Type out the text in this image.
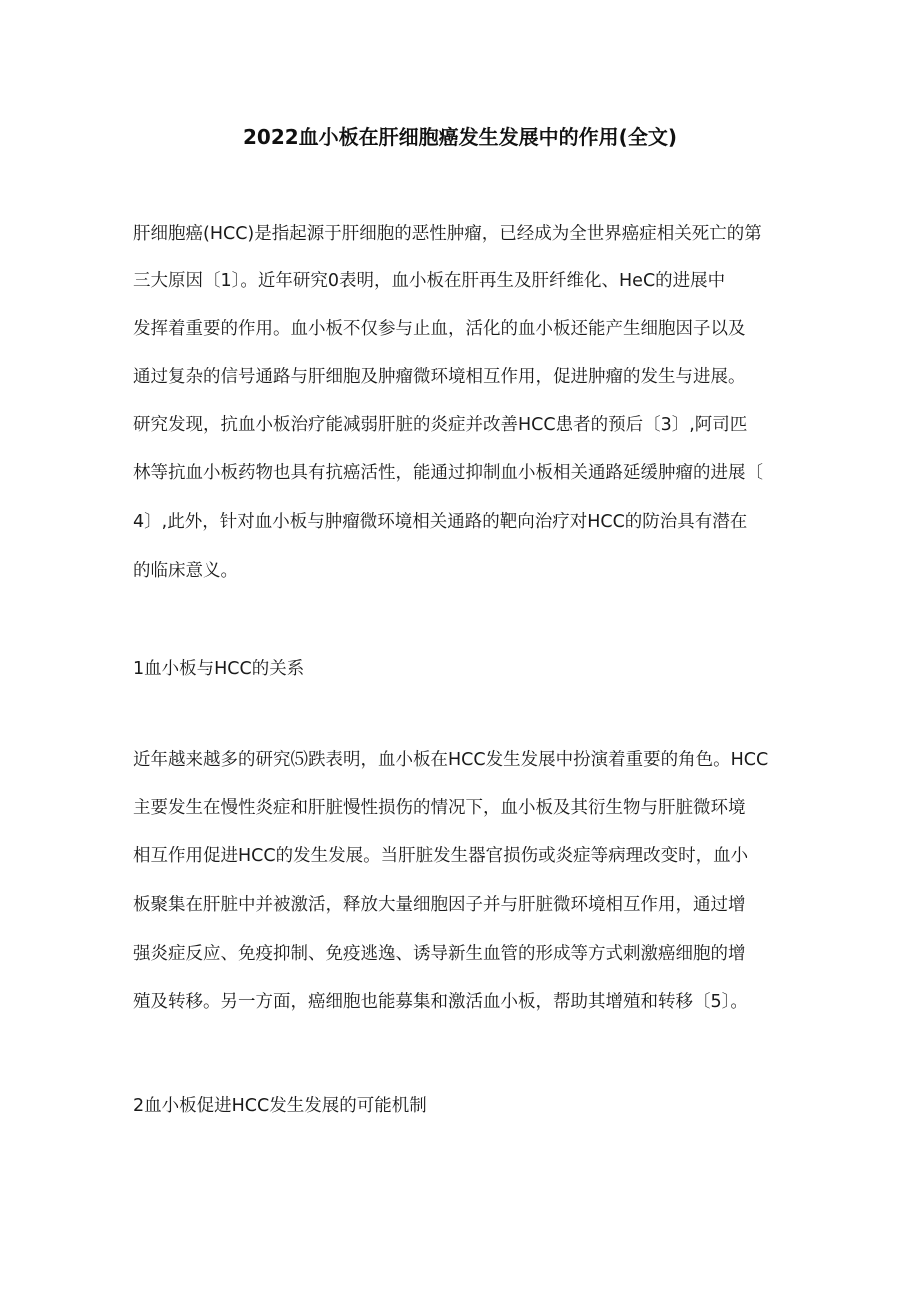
2022血小板在肝细胞癌发生发展中的作用(全文)
肝细胞癌(HCC)是指起源于肝细胞的恶性肿瘤，已经成为全世界癌症相关死亡的第
三大原因〔1〕。近年研究0表明，血小板在肝再生及肝纤维化、HeC的进展中
发挥着重要的作用。血小板不仅参与止血，活化的血小板还能产生细胞因子以及
通过复杂的信号通路与肝细胞及肿瘤微环境相互作用，促进肿瘤的发生与进展。
研究发现，抗血小板治疗能减弱肝脏的炎症并改善HCC患者的预后〔3〕,阿司匹
林等抗血小板药物也具有抗癌活性，能通过抑制血小板相关通路延缓肿瘤的进展〔
4〕,此外，针对血小板与肿瘤微环境相关通路的靶向治疗对HCC的防治具有潜在
的临床意义。
1血小板与HCC的关系
近年越来越多的研究⑸跌表明，血小板在HCC发生发展中扮演着重要的角色。HCC
主要发生在慢性炎症和肝脏慢性损伤的情况下，血小板及其衍生物与肝脏微环境
相互作用促进HCC的发生发展。当肝脏发生器官损伤或炎症等病理改变时，血小
板聚集在肝脏中并被激活，释放大量细胞因子并与肝脏微环境相互作用，通过增
强炎症反应、免疫抑制、免疫逃逸、诱导新生血管的形成等方式刺激癌细胞的增
殖及转移。另一方面，癌细胞也能募集和激活血小板，帮助其增殖和转移〔5〕。
2血小板促进HCC发生发展的可能机制
